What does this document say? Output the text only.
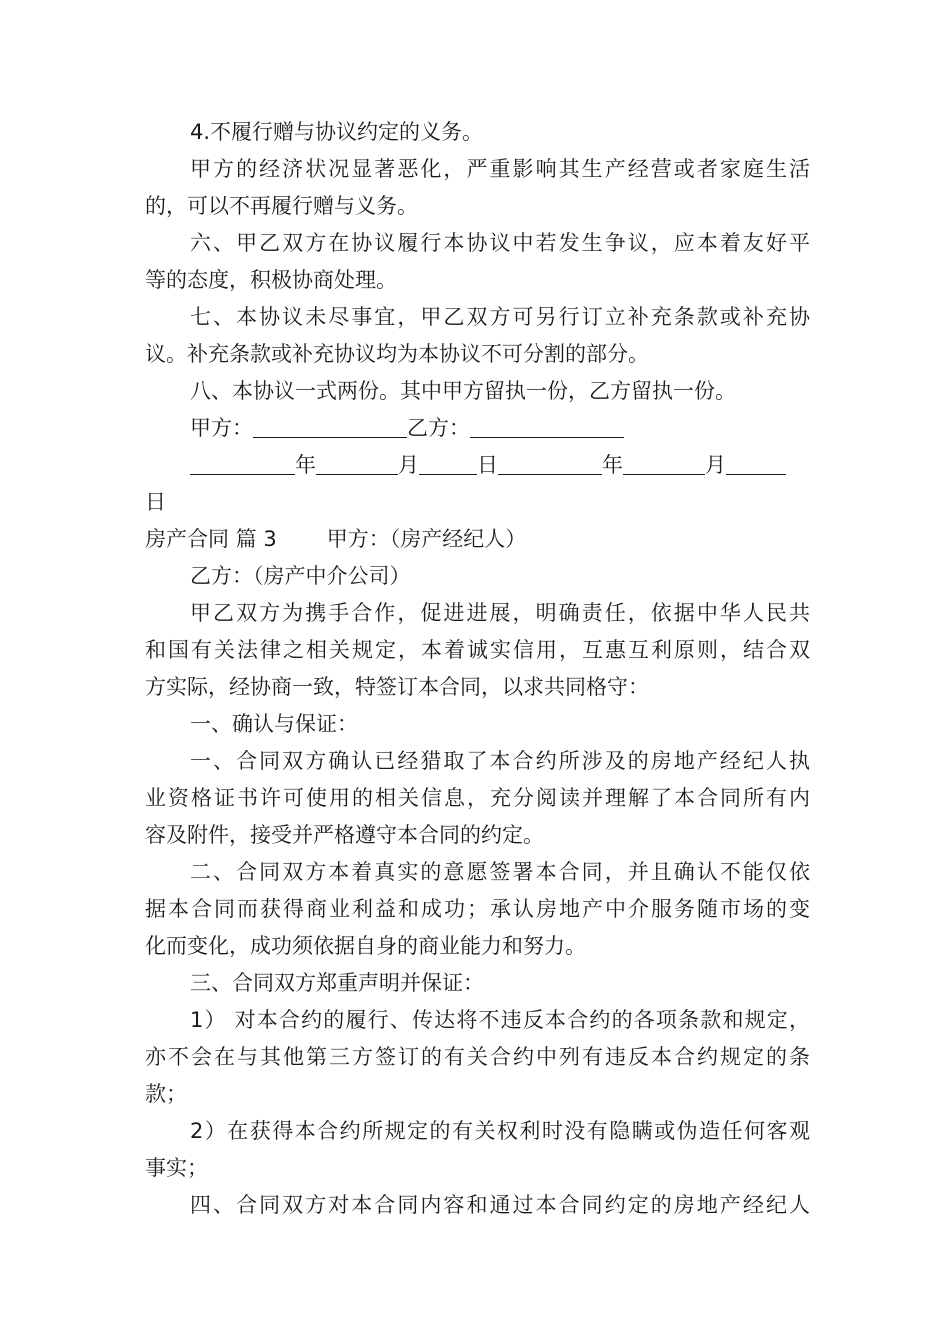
4.不履行赠与协议约定的义务。
甲方的经济状况显著恶化，严重影响其生产经营或者家庭生活
的，可以不再履行赠与义务。
六、甲乙双方在协议履行本协议中若发生争议，应本着友好平
等的态度，积极协商处理。
七、本协议未尽事宜，甲乙双方可另行订立补充条款或补充协
议。补充条款或补充协议均为本协议不可分割的部分。
八、本协议一式两份。其中甲方留执一份，乙方留执一份。
甲方：	乙方：
年	月	日	年	月
日
房产合同 篇 3 甲方：（房产经纪人）
乙方：（房产中介公司）
甲乙双方为携手合作，促进进展，明确责任，依据中华人民共
和国有关法律之相关规定，本着诚实信用，互惠互利原则，结合双
方实际，经协商一致，特签订本合同，以求共同格守：
一、确认与保证：
一、合同双方确认已经猎取了本合约所涉及的房地产经纪人执
业资格证书许可使用的相关信息，充分阅读并理解了本合同所有内
容及附件，接受并严格遵守本合同的约定。
二、合同双方本着真实的意愿签署本合同，并且确认不能仅依
据本合同而获得商业利益和成功；承认房地产中介服务随市场的变
化而变化，成功须依据自身的商业能力和努力。
三、合同双方郑重声明并保证：
1） 对本合约的履行、传达将不违反本合约的各项条款和规定，
亦不会在与其他第三方签订的有关合约中列有违反本合约规定的条
款；
2）在获得本合约所规定的有关权利时没有隐瞒或伪造任何客观
事实；
四、合同双方对本合同内容和通过本合同约定的房地产经纪人
